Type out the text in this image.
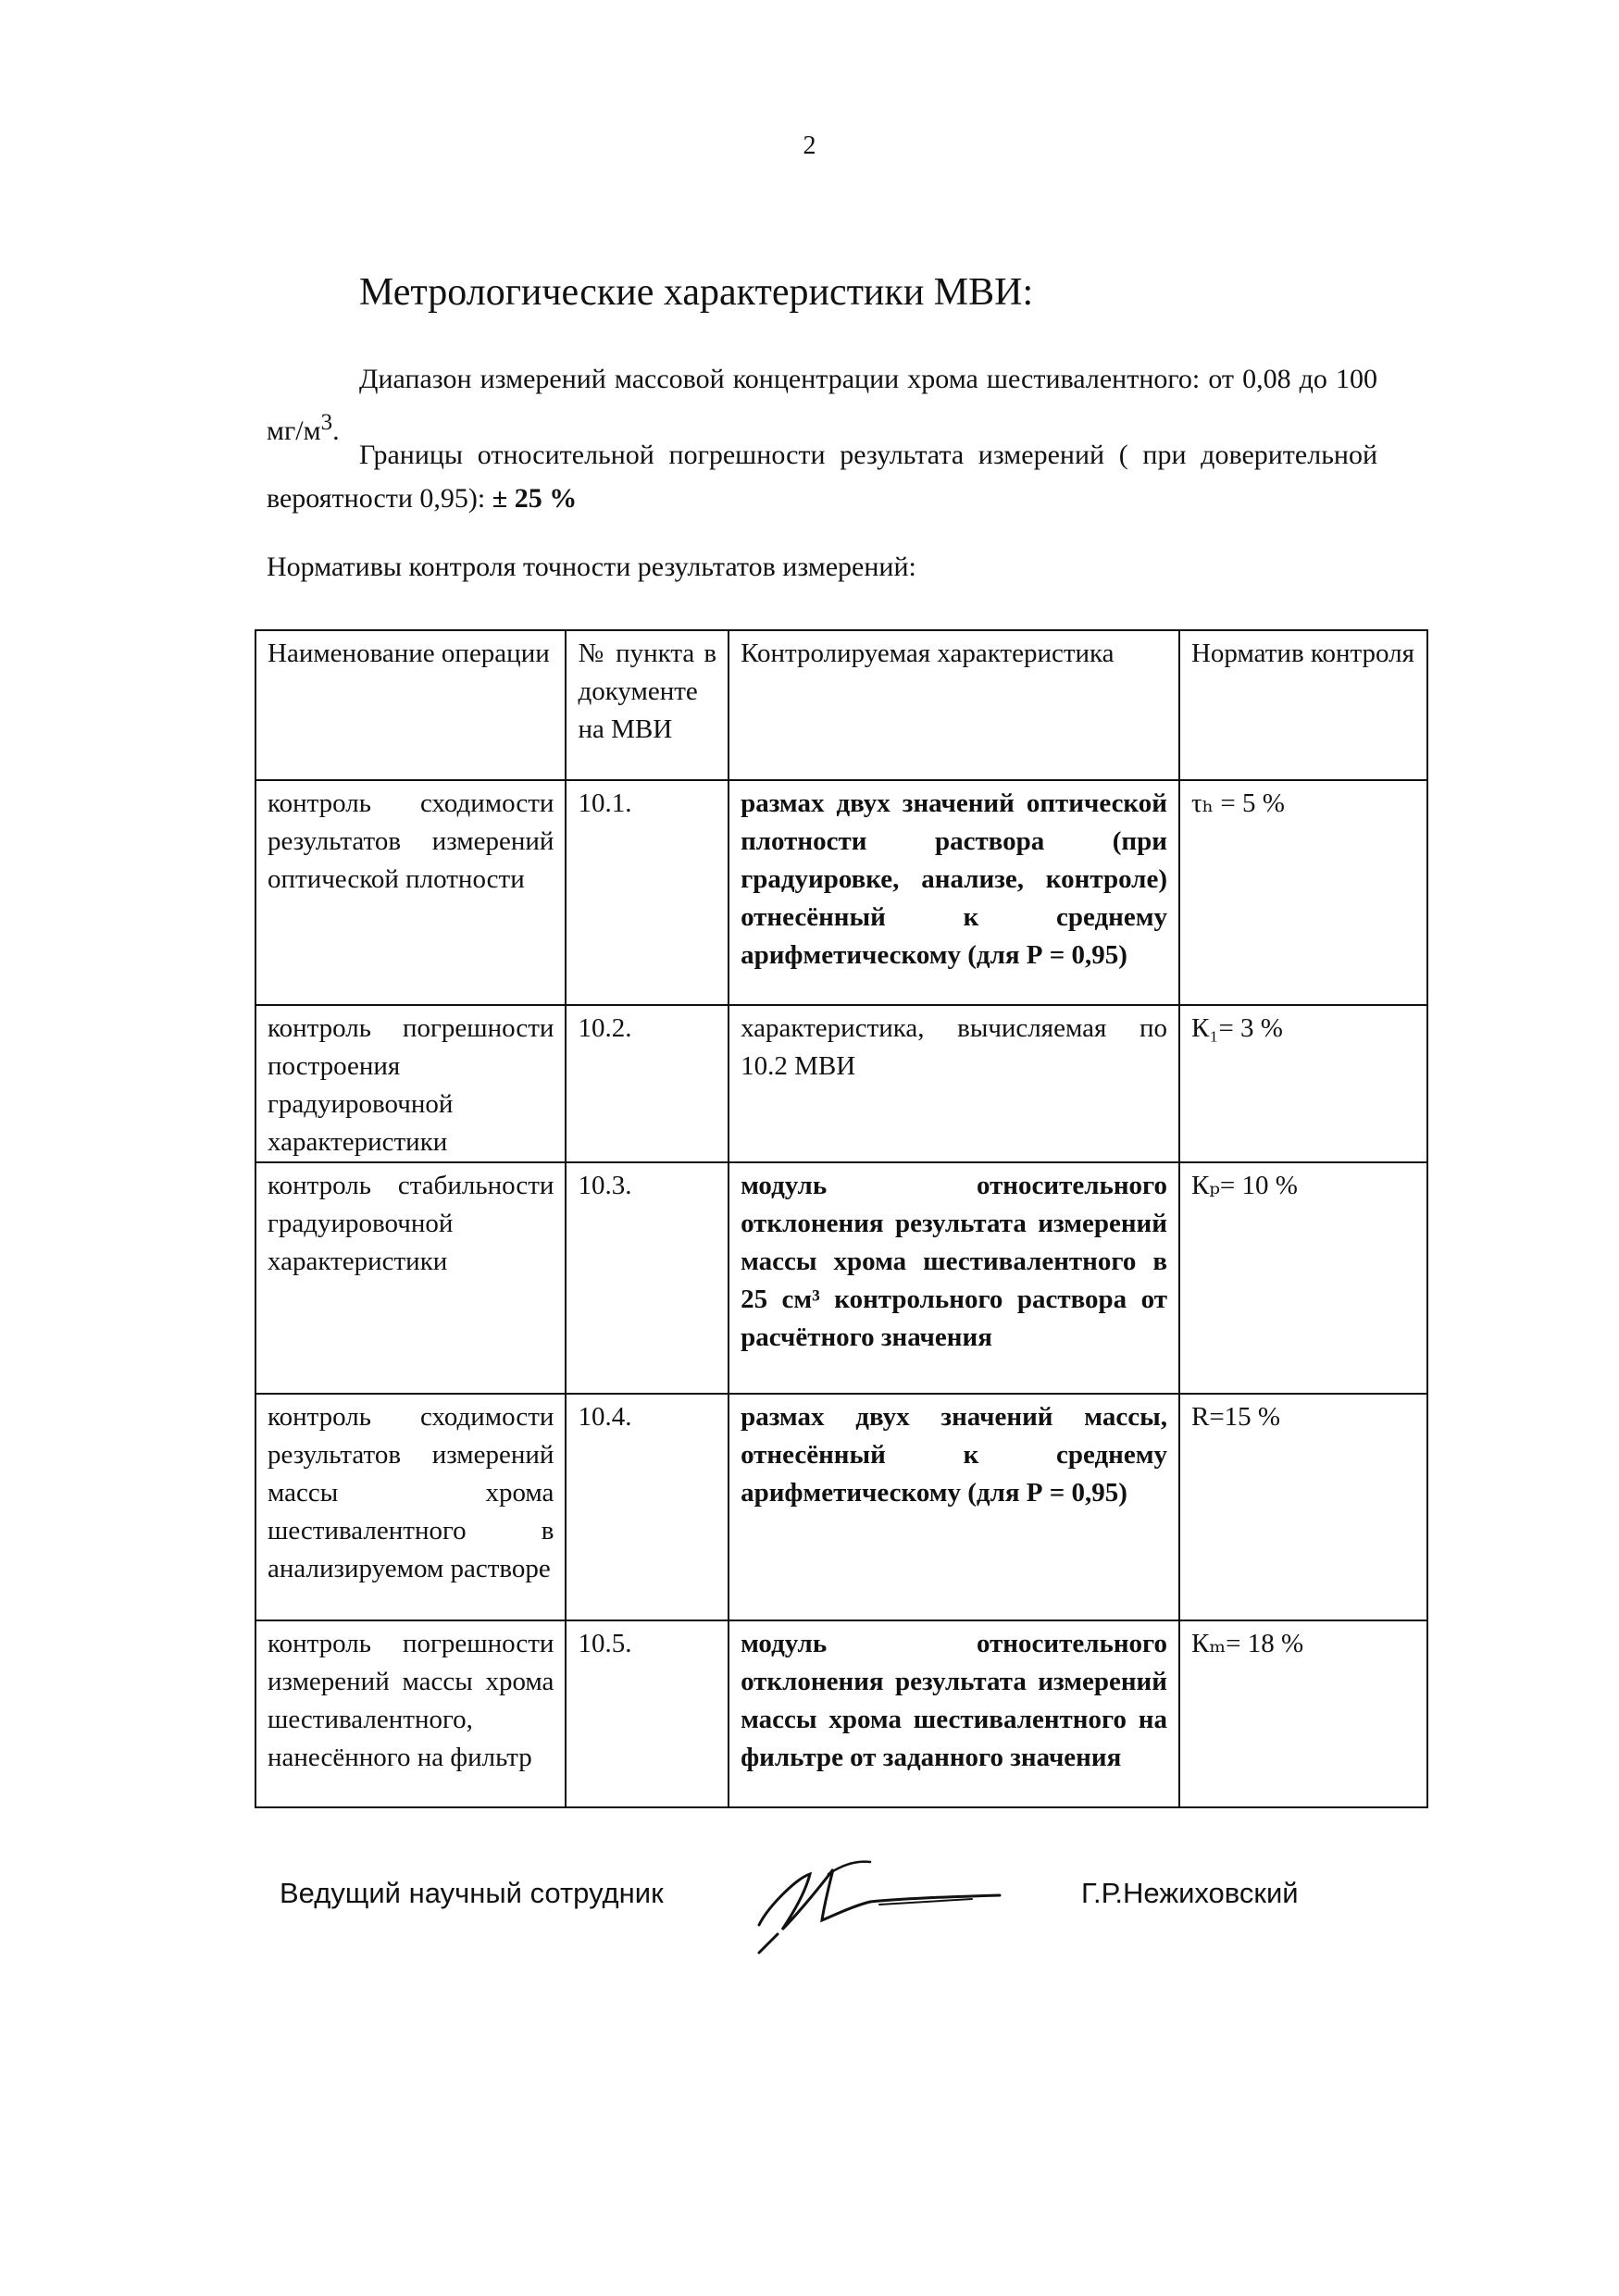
2
Метрологические характеристики МВИ:
Диапазон измерений массовой концентрации хрома шестивалентного: от 0,08 до 100 $мг/м^3$.
Границы относительной погрешности результата измерений ( при доверительной вероятности 0,95): ± 25 %
Нормативы контроля точности результатов измерений:
Наименование операции	№ пункта в документе на МВИ	Контролируемая характеристика	Норматив контроля
контроль сходимости результатов измерений оптической плотности	10.1.	размах двух значений оптической плотности раствора (при градуировке, анализе, контроле) отнесённый к среднему арифметическому (для Р = 0,95)	τₕ = 5 %
контроль погрешности построения градуировочной характеристики	10.2.	характеристика, вычисляемая по 10.2 МВИ	К₁= 3 %
контроль стабильности градуировочной характеристики	10.3.	модуль относительного отклонения результата измерений массы хрома шестивалентного в 25 см³ контрольного раствора от расчётного значения	Кₚ= 10 %
контроль сходимости результатов измерений массы хрома шестивалентного в анализируемом растворе	10.4.	размах двух значений массы, отнесённый к среднему арифметическому (для Р = 0,95)	R=15 %
контроль погрешности измерений массы хрома шестивалентного, нанесённого на фильтр	10.5.	модуль относительного отклонения результата измерений массы хрома шестивалентного на фильтре от заданного значения	Кₘ= 18 %
Ведущий научный сотрудник	Г.Р.Нежиховский
